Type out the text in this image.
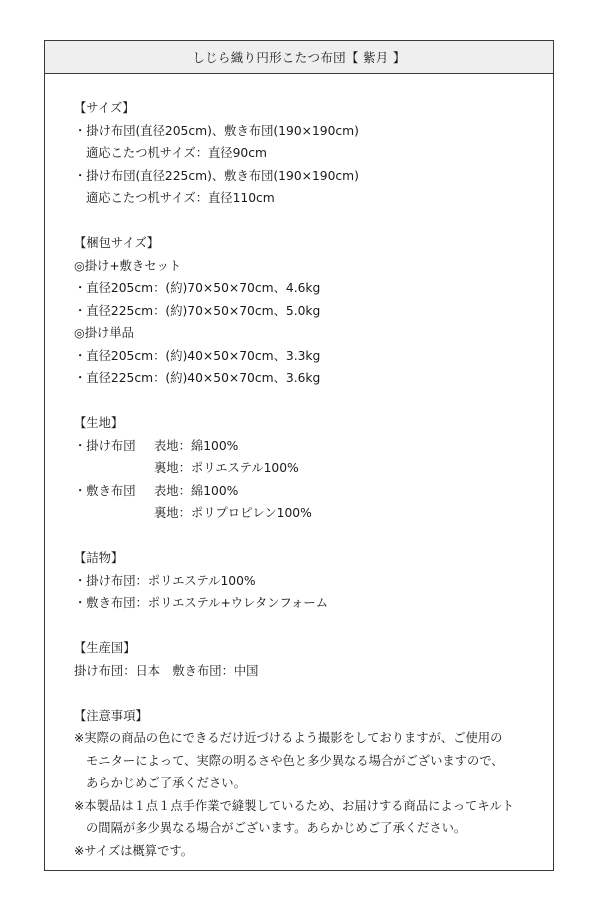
しじら織り円形こたつ布団【 紫月 】
【サイズ】
・掛け布団(直径205cm)、敷き布団(190×190cm)
適応こたつ机サイズ：直径90cm
・掛け布団(直径225cm)、敷き布団(190×190cm)
適応こたつ机サイズ：直径110cm
【梱包サイズ】
◎掛け+敷きセット
・直径205cm：(約)70×50×70cm、4.6kg
・直径225cm：(約)70×50×70cm、5.0kg
◎掛け単品
・直径205cm：(約)40×50×70cm、3.3kg
・直径225cm：(約)40×50×70cm、3.6kg
【生地】
・掛け布団 表地：綿100%
裏地：ポリエステル100%
・敷き布団 表地：綿100%
裏地：ポリプロピレン100%
【詰物】
・掛け布団：ポリエステル100%
・敷き布団：ポリエステル+ウレタンフォーム
【生産国】
掛け布団：日本　敷き布団：中国
【注意事項】
※実際の商品の色にできるだけ近づけるよう撮影をしておりますが、ご使用の
モニターによって、実際の明るさや色と多少異なる場合がございますので、
あらかじめご了承ください。
※本製品は１点１点手作業で縫製しているため、お届けする商品によってキルト
の間隔が多少異なる場合がございます。あらかじめご了承ください。
※サイズは概算です。
